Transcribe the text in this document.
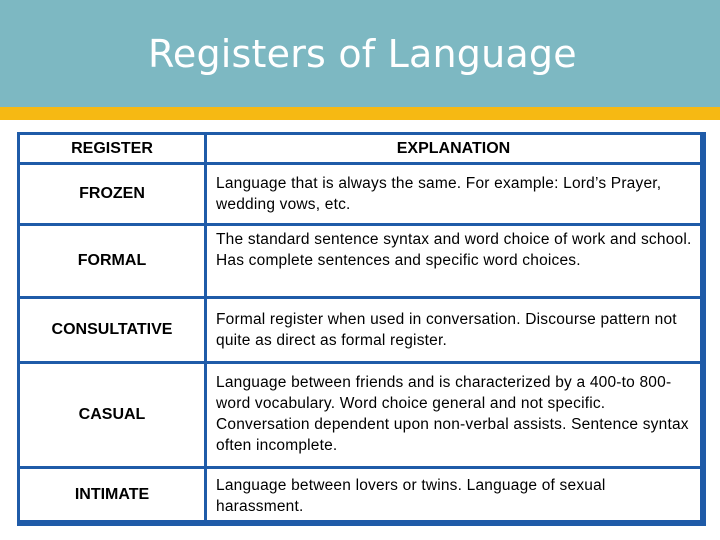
Registers of Language
REGISTER	EXPLANATION
FROZEN
Language that is always the same. For example: Lord’s Prayer, wedding vows, etc.
FORMAL
The standard sentence syntax and word choice of work and school. Has complete sentences and specific word choices.
CONSULTATIVE
Formal register when used in conversation. Discourse pattern not quite as direct as formal register.
CASUAL
Language between friends and is characterized by a 400-to 800-word vocabulary. Word choice general and not specific. Conversation dependent upon non-verbal assists. Sentence syntax often incomplete.
INTIMATE
Language between lovers or twins. Language of sexual harassment.
